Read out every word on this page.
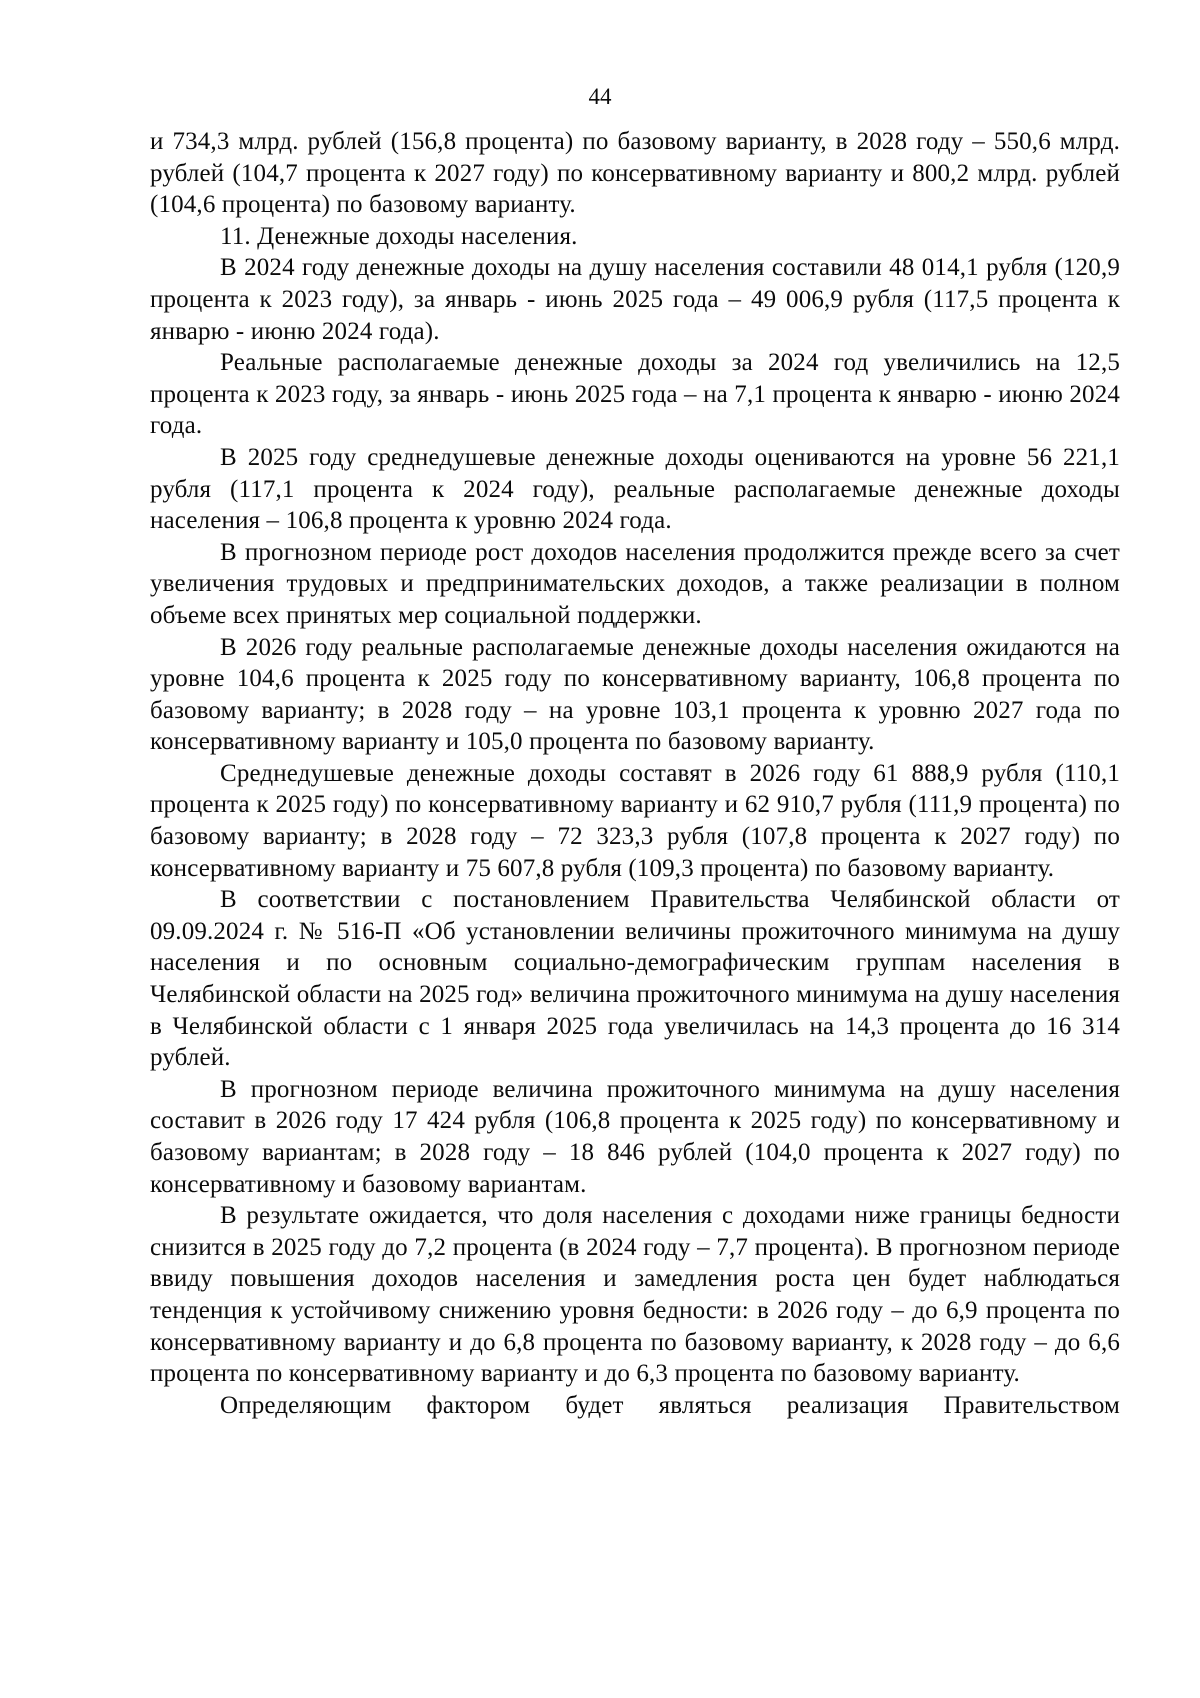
44

и 734,3 млрд. рублей (156,8 процента) по базовому варианту, в 2028 году – 550,6 млрд. рублей (104,7 процента к 2027 году) по консервативному варианту и 800,2 млрд. рублей (104,6 процента) по базовому варианту.

11. Денежные доходы населения.

В 2024 году денежные доходы на душу населения составили 48 014,1 рубля (120,9 процента к 2023 году), за январь - июнь 2025 года – 49 006,9 рубля (117,5 процента к январю - июню 2024 года).

Реальные располагаемые денежные доходы за 2024 год увеличились на 12,5 процента к 2023 году, за январь - июнь 2025 года – на 7,1 процента к январю - июню 2024 года.

В 2025 году среднедушевые денежные доходы оцениваются на уровне 56 221,1 рубля (117,1 процента к 2024 году), реальные располагаемые денежные доходы населения – 106,8 процента к уровню 2024 года.

В прогнозном периоде рост доходов населения продолжится прежде всего за счет увеличения трудовых и предпринимательских доходов, а также реализации в полном объеме всех принятых мер социальной поддержки.

В 2026 году реальные располагаемые денежные доходы населения ожидаются на уровне 104,6 процента к 2025 году по консервативному варианту, 106,8 процента по базовому варианту; в 2028 году – на уровне 103,1 процента к уровню 2027 года по консервативному варианту и 105,0 процента по базовому варианту.

Среднедушевые денежные доходы составят в 2026 году 61 888,9 рубля (110,1 процента к 2025 году) по консервативному варианту и 62 910,7 рубля (111,9 процента) по базовому варианту; в 2028 году – 72 323,3 рубля (107,8 процента к 2027 году) по консервативному варианту и 75 607,8 рубля (109,3 процента) по базовому варианту.

В соответствии с постановлением Правительства Челябинской области от 09.09.2024 г. № 516-П «Об установлении величины прожиточного минимума на душу населения и по основным социально-демографическим группам населения в Челябинской области на 2025 год» величина прожиточного минимума на душу населения в Челябинской области с 1 января 2025 года увеличилась на 14,3 процента до 16 314 рублей.

В прогнозном периоде величина прожиточного минимума на душу населения составит в 2026 году 17 424 рубля (106,8 процента к 2025 году) по консервативному и базовому вариантам; в 2028 году – 18 846 рублей (104,0 процента к 2027 году) по консервативному и базовому вариантам.

В результате ожидается, что доля населения с доходами ниже границы бедности снизится в 2025 году до 7,2 процента (в 2024 году – 7,7 процента). В прогнозном периоде ввиду повышения доходов населения и замедления роста цен будет наблюдаться тенденция к устойчивому снижению уровня бедности: в 2026 году – до 6,9 процента по консервативному варианту и до 6,8 процента по базовому варианту, к 2028 году – до 6,6 процента по консервативному варианту и до 6,3 процента по базовому варианту.

Определяющим фактором будет являться реализация Правительством
